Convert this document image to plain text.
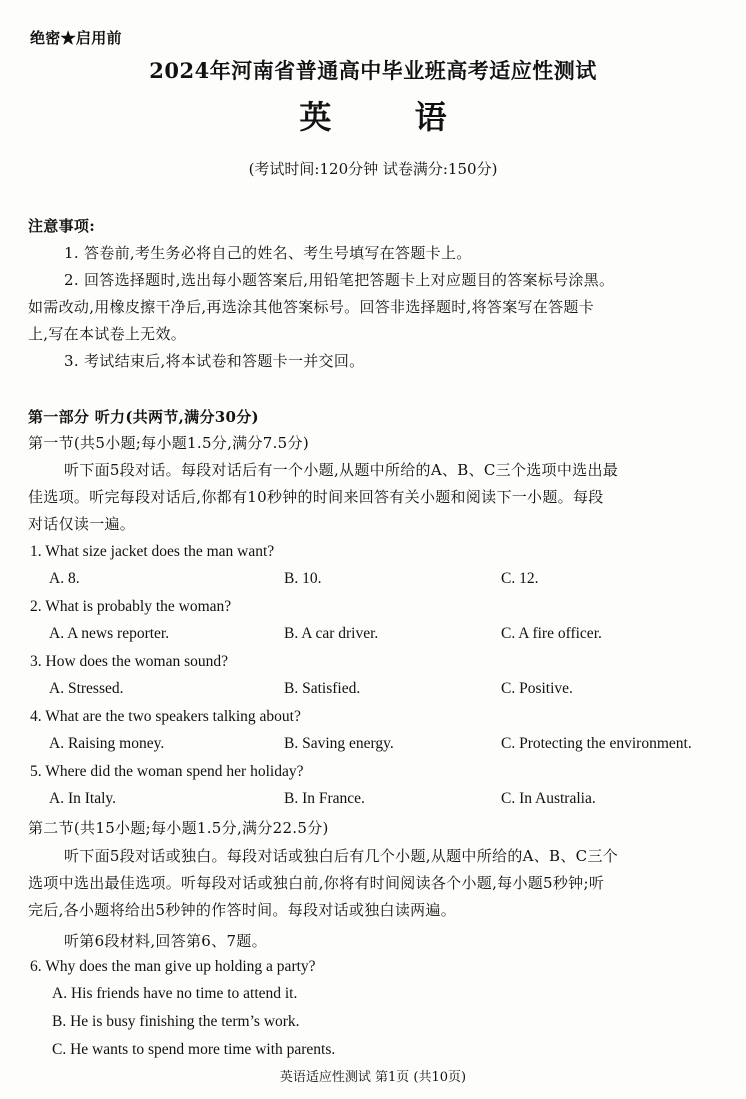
绝密★启用前
2024年河南省普通高中毕业班高考适应性测试
英 语
(考试时间:120分钟 试卷满分:150分)
注意事项:
1. 答卷前,考生务必将自己的姓名、考生号填写在答题卡上。
2. 回答选择题时,选出每小题答案后,用铅笔把答题卡上对应题目的答案标号涂黑。
如需改动,用橡皮擦干净后,再选涂其他答案标号。回答非选择题时,将答案写在答题卡
上,写在本试卷上无效。
3. 考试结束后,将本试卷和答题卡一并交回。
第一部分 听力(共两节,满分30分)
第一节(共5小题;每小题1.5分,满分7.5分)
听下面5段对话。每段对话后有一个小题,从题中所给的A、B、C三个选项中选出最
佳选项。听完每段对话后,你都有10秒钟的时间来回答有关小题和阅读下一小题。每段
对话仅读一遍。
1. What size jacket does the man want?
A. 8.	B. 10.	C. 12.
2. What is probably the woman?
A. A news reporter.	B. A car driver.	C. A fire officer.
3. How does the woman sound?
A. Stressed.	B. Satisfied.	C. Positive.
4. What are the two speakers talking about?
A. Raising money.	B. Saving energy.	C. Protecting the environment.
5. Where did the woman spend her holiday?
A. In Italy.	B. In France.	C. In Australia.
第二节(共15小题;每小题1.5分,满分22.5分)
听下面5段对话或独白。每段对话或独白后有几个小题,从题中所给的A、B、C三个
选项中选出最佳选项。听每段对话或独白前,你将有时间阅读各个小题,每小题5秒钟;听
完后,各小题将给出5秒钟的作答时间。每段对话或独白读两遍。
听第6段材料,回答第6、7题。
6. Why does the man give up holding a party?
A. His friends have no time to attend it.
B. He is busy finishing the term’s work.
C. He wants to spend more time with parents.
英语适应性测试 第1页 (共10页)
